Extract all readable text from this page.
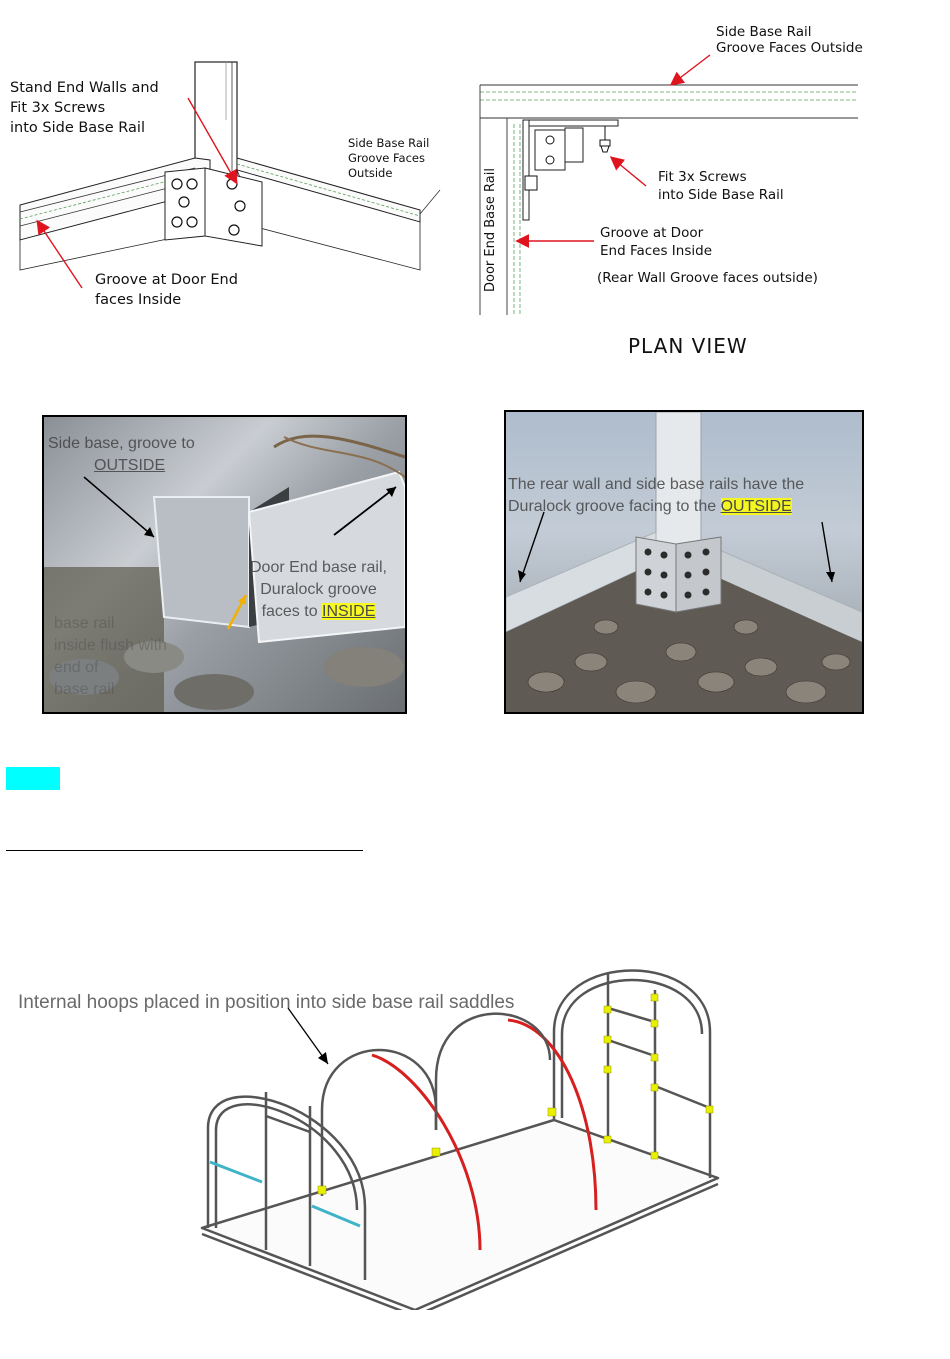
Stand End Walls and
Fit 3x Screws
into Side Base Rail
Side Base Rail
Groove Faces
Outside
Groove at Door End
faces Inside
Door End Base Rail
Side Base Rail
Groove Faces Outside
Fit 3x Screws
into Side Base Rail
Groove at Door
End Faces Inside
(Rear Wall Groove faces outside)
PLAN VIEW
Side base, groove to
OUTSIDE
Door End base rail,
Duralock groove
faces to INSIDE
base rail
inside flush with
end of
base rail
The rear wall and side base rails have the
Duralock groove facing to the OUTSIDE
Internal hoops placed in position into side base rail saddles
